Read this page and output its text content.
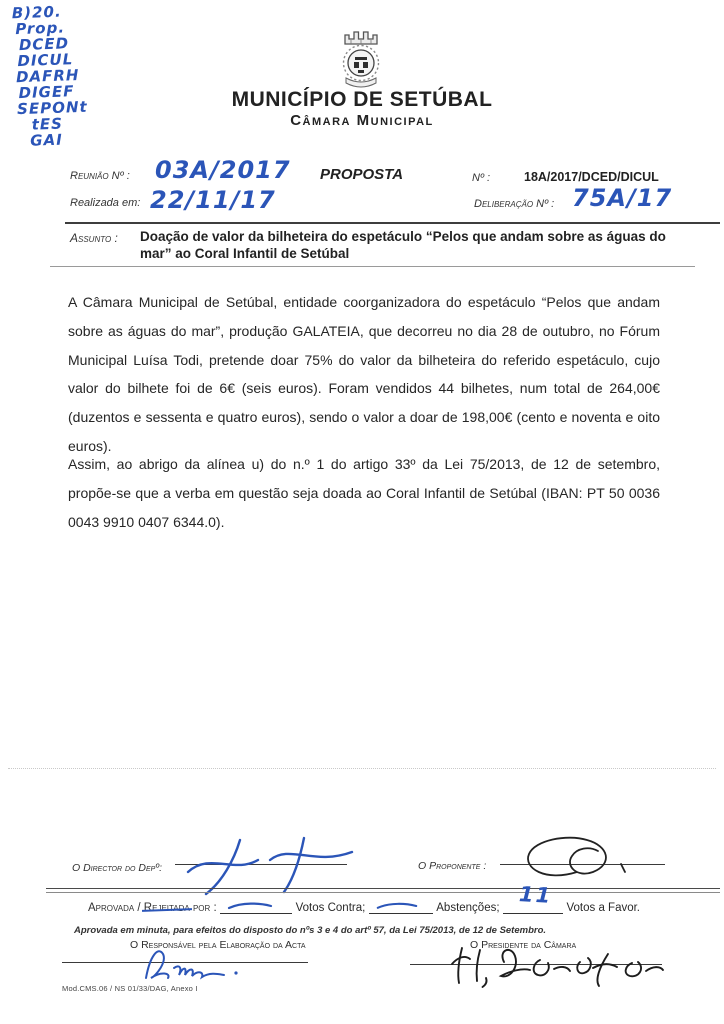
B)20.
Prop.
DCED
DICUL
DAFRH
DIGEF
SEPONt
tES
GAI
MUNICÍPIO DE SETÚBAL
Câmara Municipal
Reunião Nº : 03A/2017
Realizada em: 22/11/17
PROPOSTA	Nº :	18A/2017/DCED/DICUL
Deliberação Nº : 75A/17
Assunto : Doação de valor da bilheteira do espetáculo “Pelos que andam sobre as águas do mar” ao Coral Infantil de Setúbal
A Câmara Municipal de Setúbal, entidade coorganizadora do espetáculo “Pelos que andam sobre as águas do mar”, produção GALATEIA, que decorreu no dia 28 de outubro, no Fórum Municipal Luísa Todi, pretende doar 75% do valor da bilheteira do referido espetáculo, cujo valor do bilhete foi de 6€ (seis euros). Foram vendidos 44 bilhetes, num total de 264,00€ (duzentos e sessenta e quatro euros), sendo o valor a doar de 198,00€ (cento e noventa e oito euros).
Assim, ao abrigo da alínea u) do n.º 1 do artigo 33º da Lei 75/2013, de 12 de setembro, propõe-se que a verba em questão seja doada ao Coral Infantil de Setúbal (IBAN: PT 50 0036 0043 9910 0407 6344.0).
O Director do Depº:	O Proponente :
Aprovada / Rejeitada por :	Votos Contra;	Abstenções;
11
Votos a Favor.
Aprovada em minuta, para efeitos do disposto do nºs 3 e 4 do artº 57, da Lei 75/2013, de 12 de Setembro.
O Responsável pela Elaboração da Acta	O Presidente da Câmara
Mod.CMS.06 / NS 01/33/DAG, Anexo I
